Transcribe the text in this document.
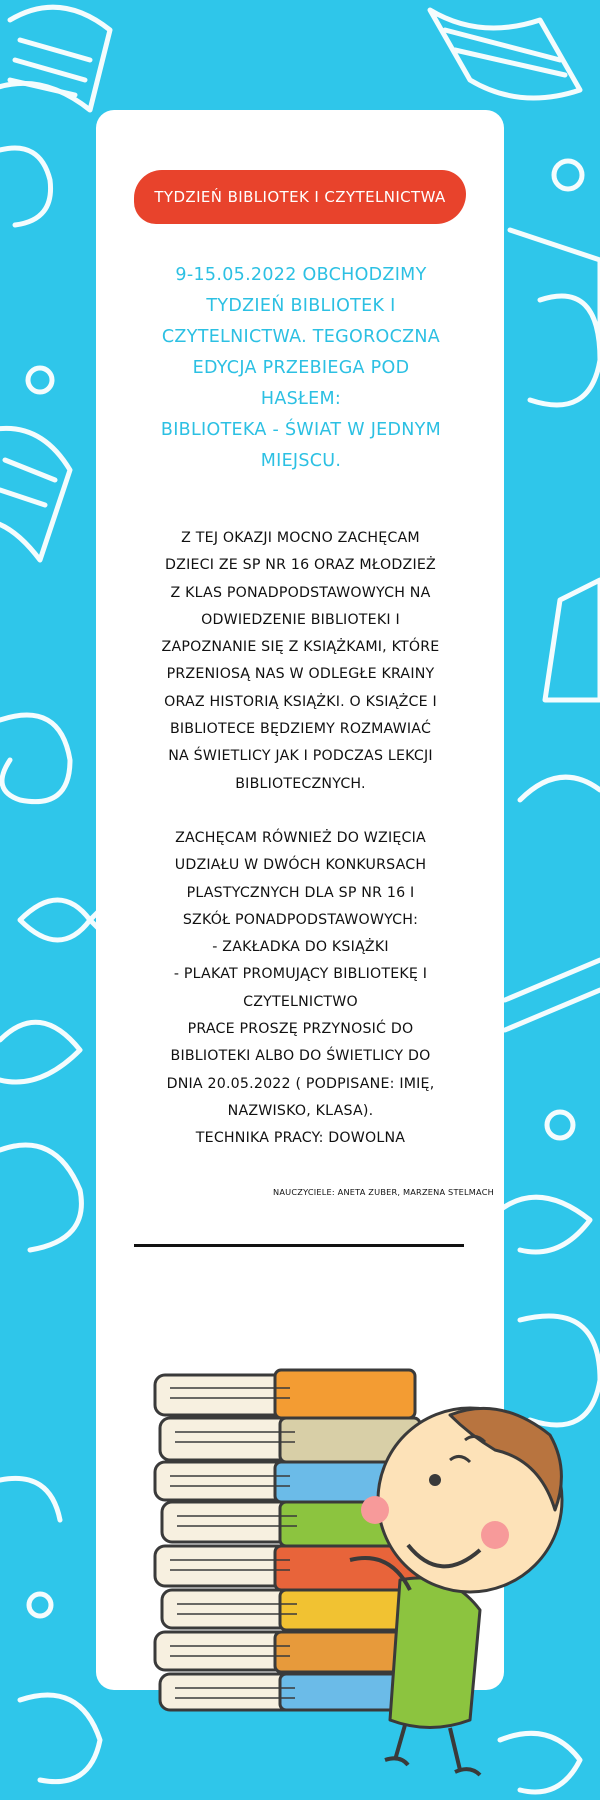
TYDZIEŃ BIBLIOTEK I CZYTELNICTWA
9-15.05.2022 OBCHODZIMY
TYDZIEŃ BIBLIOTEK I
CZYTELNICTWA. TEGOROCZNA
EDYCJA PRZEBIEGA POD
HASŁEM:
BIBLIOTEKA - ŚWIAT W JEDNYM
MIEJSCU.
Z TEJ OKAZJI MOCNO ZACHĘCAM
DZIECI ZE SP NR 16 ORAZ MŁODZIEŻ
Z KLAS PONADPODSTAWOWYCH NA
ODWIEDZENIE BIBLIOTEKI I
ZAPOZNANIE SIĘ Z KSIĄŻKAMI, KTÓRE
PRZENIOSĄ NAS W ODLEGŁE KRAINY
ORAZ HISTORIĄ KSIĄŻKI. O KSIĄŻCE I
BIBLIOTECE BĘDZIEMY ROZMAWIAĆ
NA ŚWIETLICY JAK I PODCZAS LEKCJI
BIBLIOTECZNYCH.
ZACHĘCAM RÓWNIEŻ DO WZIĘCIA
UDZIAŁU W DWÓCH KONKURSACH
PLASTYCZNYCH DLA SP NR 16 I
SZKÓŁ PONADPODSTAWOWYCH:
- ZAKŁADKA DO KSIĄŻKI
- PLAKAT PROMUJĄCY BIBLIOTEKĘ I
CZYTELNICTWO
PRACE PROSZĘ PRZYNOSIĆ DO
BIBLIOTEKI ALBO DO ŚWIETLICY DO
DNIA 20.05.2022 ( PODPISANE: IMIĘ,
NAZWISKO, KLASA).
TECHNIKA PRACY: DOWOLNA
NAUCZYCIELE: ANETA ZUBER, MARZENA STELMACH
